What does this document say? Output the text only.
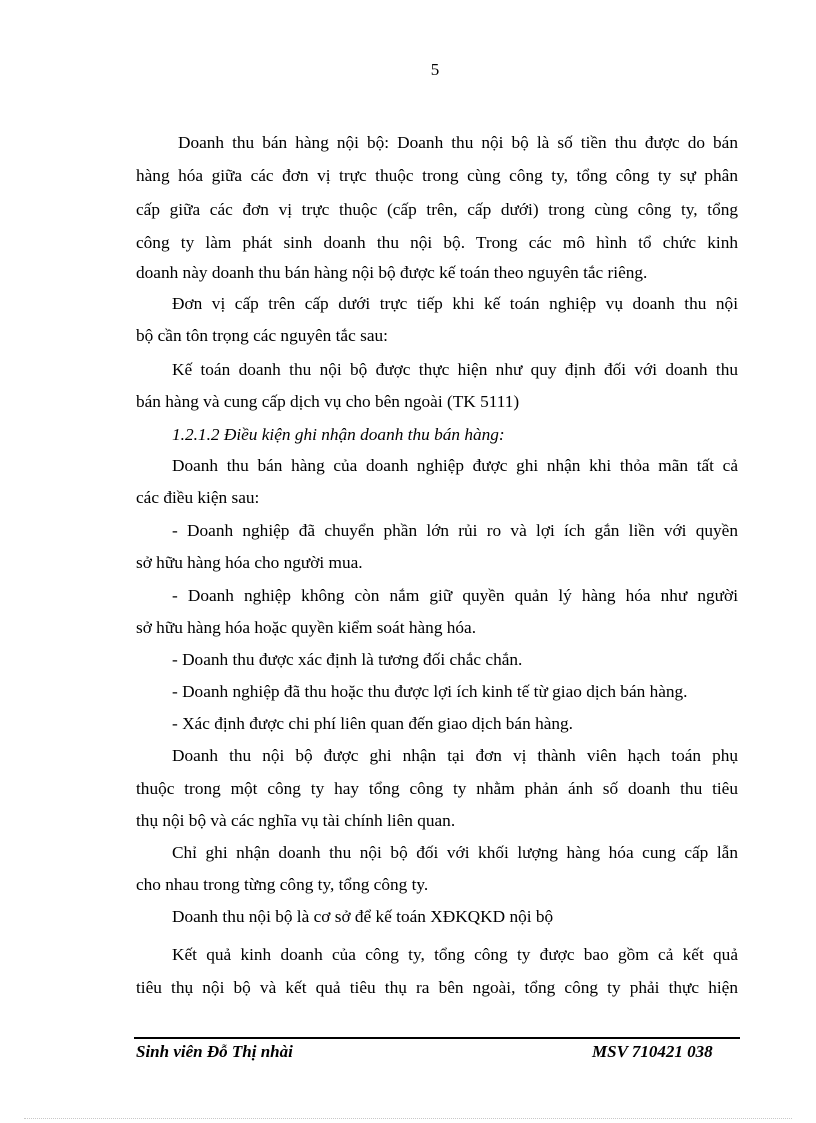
5
Doanh thu bán hàng nội bộ: Doanh thu nội bộ là số tiền thu được do bán
hàng hóa giữa các đơn vị trực thuộc trong cùng công ty, tổng công ty sự phân
cấp giữa các đơn vị trực thuộc (cấp trên, cấp dưới) trong cùng công ty, tổng
công ty làm phát sinh doanh thu nội bộ. Trong các mô hình tổ chức kinh
doanh này doanh thu bán hàng nội bộ được kế toán theo nguyên tắc riêng.
Đơn vị cấp trên cấp dưới trực tiếp khi kế toán nghiệp vụ doanh thu nội
bộ cần tôn trọng các nguyên tắc sau:
Kế toán doanh thu nội bộ được thực hiện như quy định đối với doanh thu
bán hàng và cung cấp dịch vụ cho bên ngoài (TK 5111)
1.2.1.2 Điều kiện ghi nhận doanh thu bán hàng:
Doanh thu bán hàng của doanh nghiệp được ghi nhận khi thỏa mãn tất cả
các điều kiện sau:
- Doanh nghiệp đã chuyển phần lớn rủi ro và lợi ích gắn liền với quyền
sở hữu hàng hóa cho người mua.
- Doanh nghiệp không còn nắm giữ quyền quản lý hàng hóa như người
sở hữu hàng hóa hoặc quyền kiểm soát hàng hóa.
- Doanh thu được xác định là tương đối chắc chắn.
- Doanh nghiệp đã thu hoặc thu được lợi ích kinh tế từ giao dịch bán hàng.
- Xác định được chi phí liên quan đến giao dịch bán hàng.
Doanh thu nội bộ được ghi nhận tại đơn vị thành viên hạch toán phụ
thuộc trong một công ty hay tổng công ty nhằm phản ánh số doanh thu tiêu
thụ nội bộ và các nghĩa vụ tài chính liên quan.
Chỉ ghi nhận doanh thu nội bộ đối với khối lượng hàng hóa cung cấp lẫn
cho nhau trong từng công ty, tổng công ty.
Doanh thu nội bộ là cơ sở để kế toán XĐKQKD nội bộ
Kết quả kinh doanh của công ty, tổng công ty được bao gồm cả kết quả
tiêu thụ nội bộ và kết quả tiêu thụ ra bên ngoài, tổng công ty phải thực hiện
Sinh viên Đỗ Thị nhài	MSV 710421 038
